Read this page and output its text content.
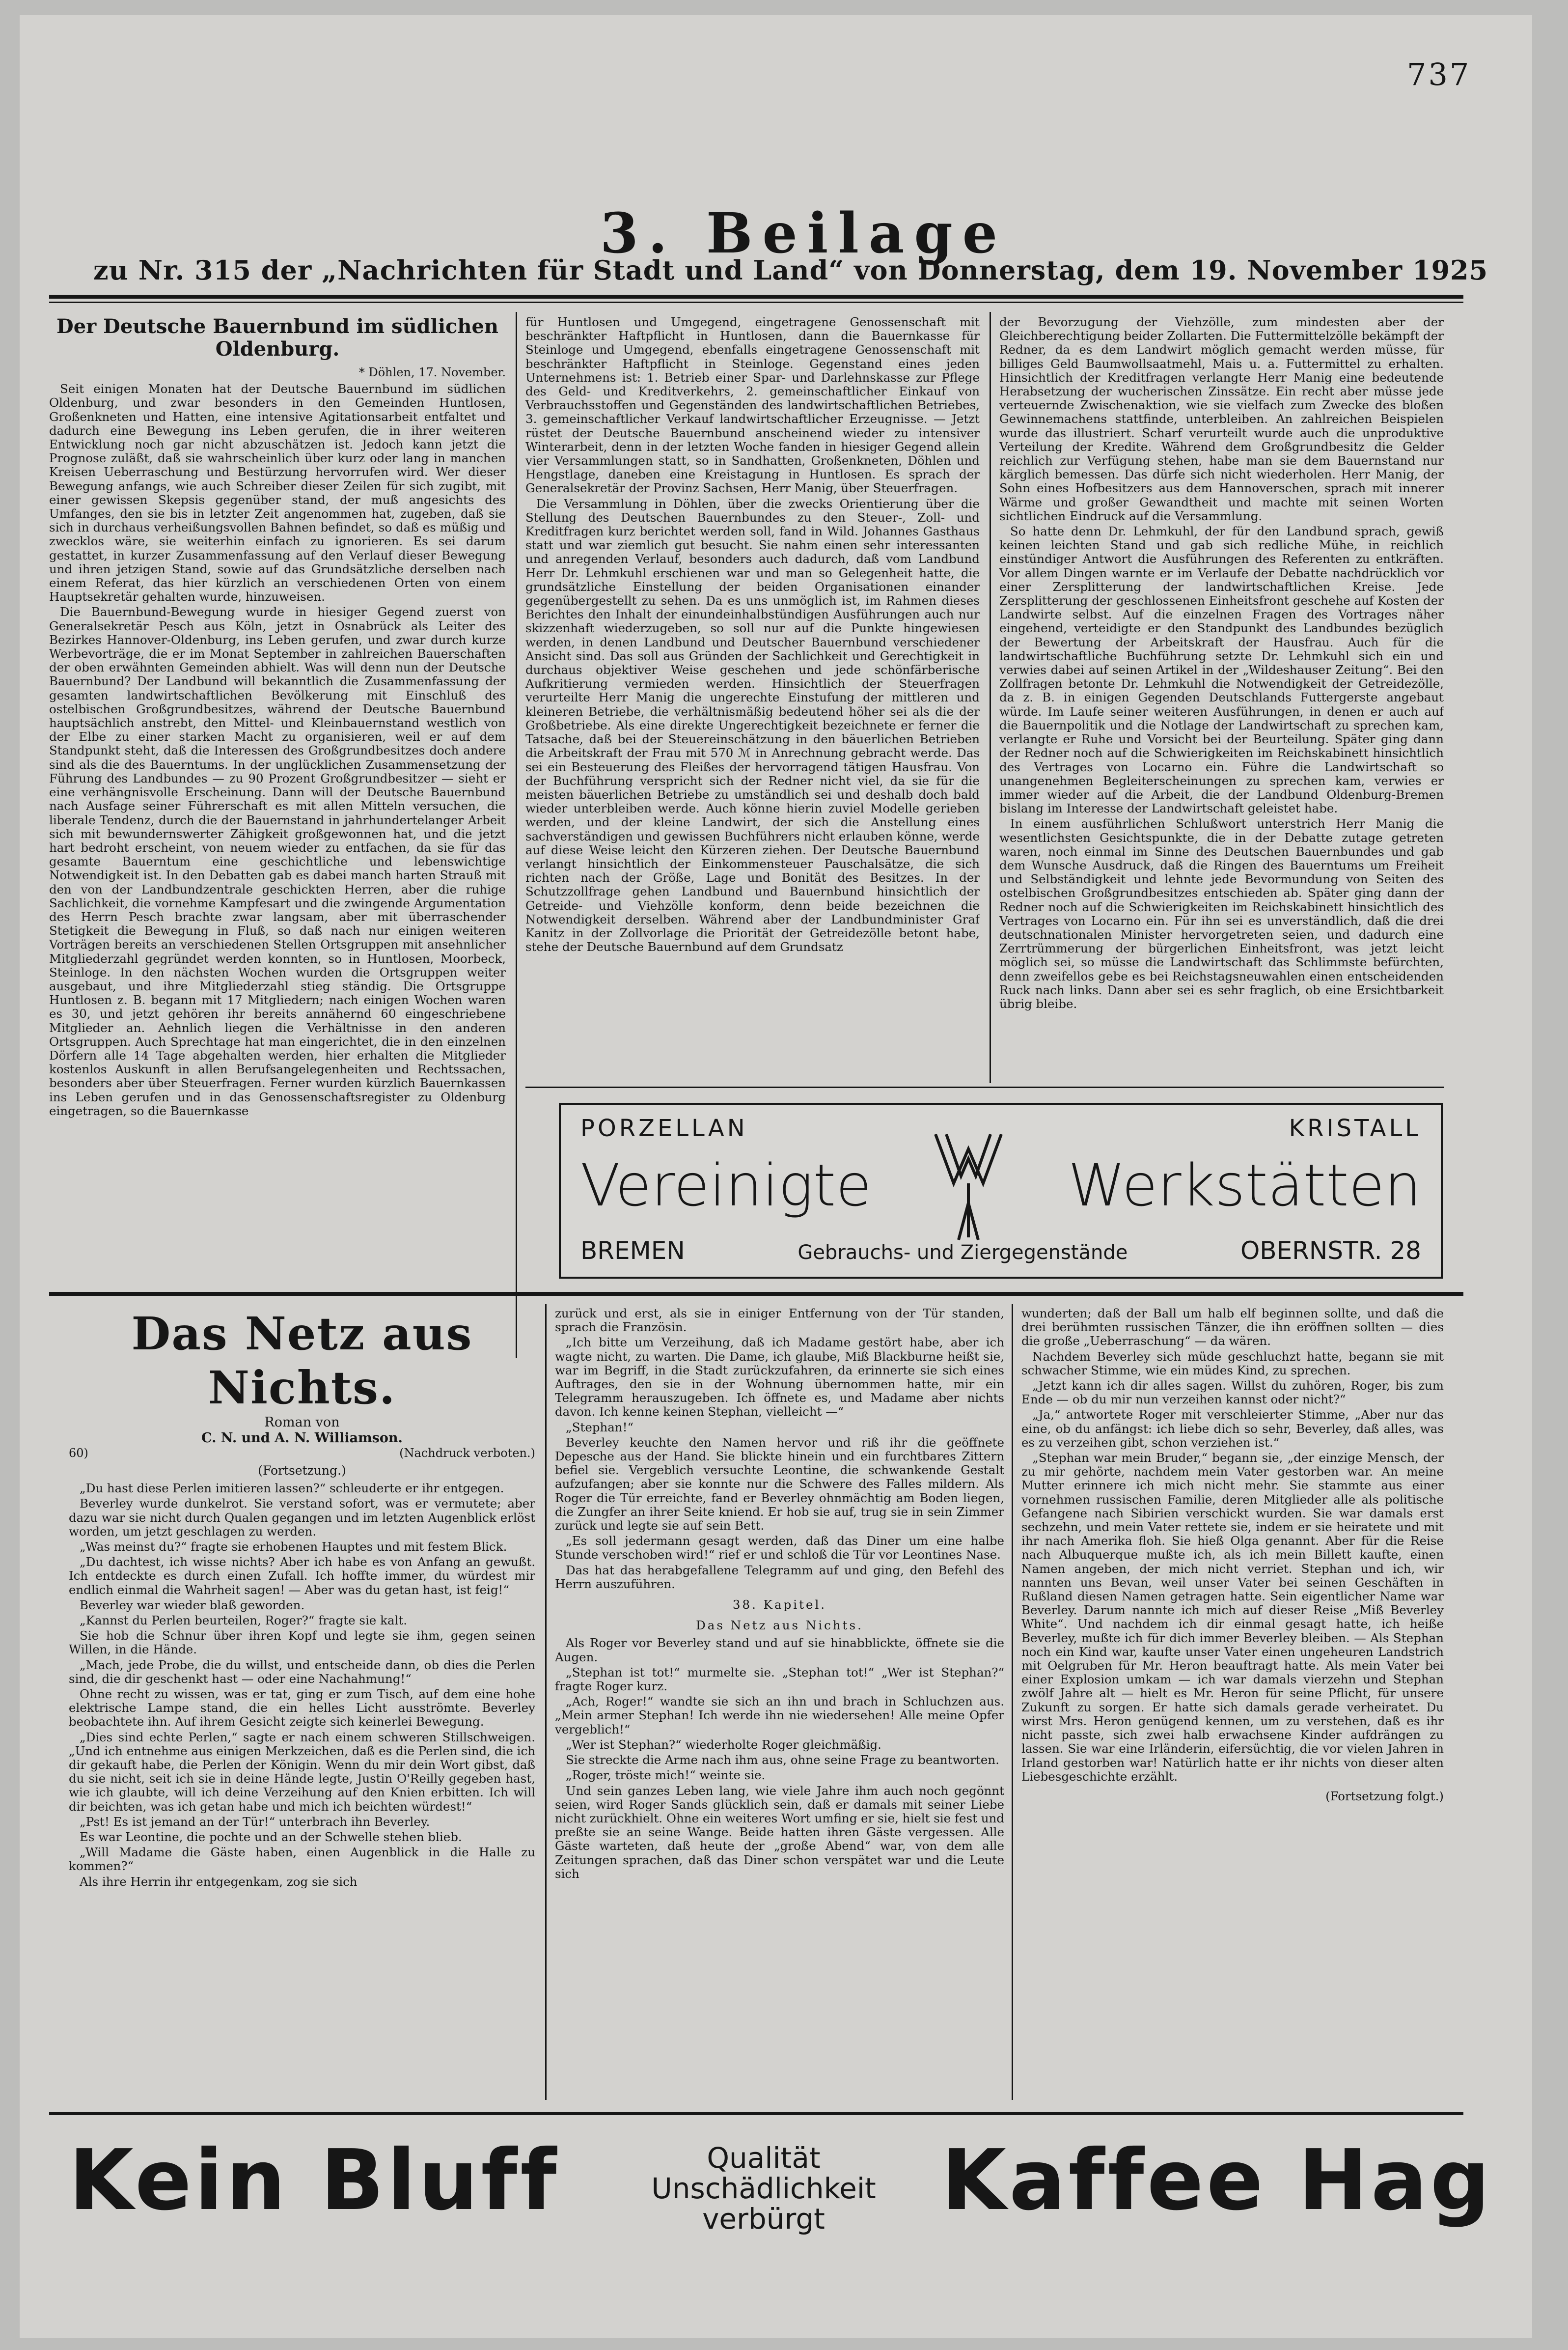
737
3. Beilage
zu Nr. 315 der „Nachrichten für Stadt und Land“ von Donnerstag, dem 19. November 1925
Der Deutsche Bauernbund im südlichen Oldenburg.
* Döhlen, 17. November.

Seit einigen Monaten hat der Deutsche Bauernbund im südlichen Oldenburg, und zwar besonders in den Gemeinden Huntlosen, Großenkneten und Hatten, eine intensive Agitationsarbeit entfaltet und dadurch eine Bewegung ins Leben gerufen, die in ihrer weiteren Entwicklung noch gar nicht abzuschätzen ist. Jedoch kann jetzt die Prognose zuläßt, daß sie wahrscheinlich über kurz oder lang in manchen Kreisen Ueberraschung und Bestürzung hervorrufen wird. Wer dieser Bewegung anfangs, wie auch Schreiber dieser Zeilen für sich zugibt, mit einer gewissen Skepsis gegenüber stand, der muß angesichts des Umfanges, den sie bis in letzter Zeit angenommen hat, zugeben, daß sie sich in durchaus verheißungsvollen Bahnen befindet, so daß es müßig und zwecklos wäre, sie weiterhin einfach zu ignorieren. Es sei darum gestattet, in kurzer Zusammenfassung auf den Verlauf dieser Bewegung und ihren jetzigen Stand, sowie auf das Grundsätzliche derselben nach einem Referat, das hier kürzlich an verschiedenen Orten von einem Hauptsekretär gehalten wurde, hinzuweisen.

Die Bauernbund-Bewegung wurde in hiesiger Gegend zuerst von Generalsekretär Pesch aus Köln, jetzt in Osnabrück als Leiter des Bezirkes Hannover-Oldenburg, ins Leben gerufen, und zwar durch kurze Werbevorträge, die er im Monat September in zahlreichen Bauerschaften der oben erwähnten Gemeinden abhielt. Was will denn nun der Deutsche Bauernbund? Der Landbund will bekanntlich die Zusammenfassung der gesamten landwirtschaftlichen Bevölkerung mit Einschluß des ostelbischen Großgrundbesitzes, während der Deutsche Bauernbund hauptsächlich anstrebt, den Mittel- und Kleinbauernstand westlich von der Elbe zu einer starken Macht zu organisieren, weil er auf dem Standpunkt steht, daß die Interessen des Großgrundbesitzes doch andere sind als die des Bauerntums. In der unglücklichen Zusammensetzung der Führung des Landbundes — zu 90 Prozent Großgrundbesitzer — sieht er eine verhängnisvolle Erscheinung. Dann will der Deutsche Bauernbund nach Ausfage seiner Führerschaft es mit allen Mitteln versuchen, die liberale Tendenz, durch die der Bauernstand in jahrhundertelanger Arbeit sich mit bewundernswerter Zähigkeit großgewonnen hat, und die jetzt hart bedroht erscheint, von neuem wieder zu entfachen, da sie für das gesamte Bauerntum eine geschichtliche und lebenswichtige Notwendigkeit ist. In den Debatten gab es dabei manch harten Strauß mit den von der Landbundzentrale geschickten Herren, aber die ruhige Sachlichkeit, die vornehme Kampfesart und die zwingende Argumentation des Herrn Pesch brachte zwar langsam, aber mit überraschender Stetigkeit die Bewegung in Fluß, so daß nach nur einigen weiteren Vorträgen bereits an verschiedenen Stellen Ortsgruppen mit ansehnlicher Mitgliederzahl gegründet werden konnten, so in Huntlosen, Moorbeck, Steinloge. In den nächsten Wochen wurden die Ortsgruppen weiter ausgebaut, und ihre Mitgliederzahl stieg ständig. Die Ortsgruppe Huntlosen z. B. begann mit 17 Mitgliedern; nach einigen Wochen waren es 30, und jetzt gehören ihr bereits annähernd 60 eingeschriebene Mitglieder an. Aehnlich liegen die Verhältnisse in den anderen Ortsgruppen. Auch Sprechtage hat man eingerichtet, die in den einzelnen Dörfern alle 14 Tage abgehalten werden, hier erhalten die Mitglieder kostenlos Auskunft in allen Berufsangelegenheiten und Rechtssachen, besonders aber über Steuerfragen. Ferner wurden kürzlich Bauernkassen ins Leben gerufen und in das Genossenschaftsregister zu Oldenburg eingetragen, so die Bauernkasse

für Huntlosen und Umgegend, eingetragene Genossenschaft mit beschränkter Haftpflicht in Huntlosen, dann die Bauernkasse für Steinloge und Umgegend, ebenfalls eingetragene Genossenschaft mit beschränkter Haftpflicht in Steinloge. Gegenstand eines jeden Unternehmens ist: 1. Betrieb einer Spar- und Darlehnskasse zur Pflege des Geld- und Kreditverkehrs, 2. gemeinschaftlicher Einkauf von Verbrauchsstoffen und Gegenständen des landwirtschaftlichen Betriebes, 3. gemeinschaftlicher Verkauf landwirtschaftlicher Erzeugnisse. — Jetzt rüstet der Deutsche Bauernbund anscheinend wieder zu intensiver Winterarbeit, denn in der letzten Woche fanden in hiesiger Gegend allein vier Versammlungen statt, so in Sandhatten, Großenkneten, Döhlen und Hengstlage, daneben eine Kreistagung in Huntlosen. Es sprach der Generalsekretär der Provinz Sachsen, Herr Manig, über Steuerfragen.

Die Versammlung in Döhlen, über die zwecks Orientierung über die Stellung des Deutschen Bauernbundes zu den Steuer-, Zoll- und Kreditfragen kurz berichtet werden soll, fand in Wild. Johannes Gasthaus statt und war ziemlich gut besucht. Sie nahm einen sehr interessanten und anregenden Verlauf, besonders auch dadurch, daß vom Landbund Herr Dr. Lehmkuhl erschienen war und man so Gelegenheit hatte, die grundsätzliche Einstellung der beiden Organisationen einander gegenübergestellt zu sehen. Da es uns unmöglich ist, im Rahmen dieses Berichtes den Inhalt der einundeinhalbstündigen Ausführungen auch nur skizzenhaft wiederzugeben, so soll nur auf die Punkte hingewiesen werden, in denen Landbund und Deutscher Bauernbund verschiedener Ansicht sind. Das soll aus Gründen der Sachlichkeit und Gerechtigkeit in durchaus objektiver Weise geschehen und jede schönfärberische Aufkritierung vermieden werden. Hinsichtlich der Steuerfragen verurteilte Herr Manig die ungerechte Einstufung der mittleren und kleineren Betriebe, die verhältnismäßig bedeutend höher sei als die der Großbetriebe. Als eine direkte Ungerechtigkeit bezeichnete er ferner die Tatsache, daß bei der Steuereinschätzung in den bäuerlichen Betrieben die Arbeitskraft der Frau mit 570 ℳ in Anrechnung gebracht werde. Das sei ein Besteuerung des Fleißes der hervorragend tätigen Hausfrau. Von der Buchführung verspricht sich der Redner nicht viel, da sie für die meisten bäuerlichen Betriebe zu umständlich sei und deshalb doch bald wieder unterbleiben werde. Auch könne hierin zuviel Modelle gerieben werden, und der kleine Landwirt, der sich die Anstellung eines sachverständigen und gewissen Buchführers nicht erlauben könne, werde auf diese Weise leicht den Kürzeren ziehen. Der Deutsche Bauernbund verlangt hinsichtlich der Einkommensteuer Pauschalsätze, die sich richten nach der Größe, Lage und Bonität des Besitzes. In der Schutzzollfrage gehen Landbund und Bauernbund hinsichtlich der Getreide- und Viehzölle konform, denn beide bezeichnen die Notwendigkeit derselben. Während aber der Landbundminister Graf Kanitz in der Zollvorlage die Priorität der Getreidezölle betont habe, stehe der Deutsche Bauernbund auf dem Grundsatz

der Bevorzugung der Viehzölle, zum mindesten aber der Gleichberechtigung beider Zollarten. Die Futtermittelzölle bekämpft der Redner, da es dem Landwirt möglich gemacht werden müsse, für billiges Geld Baumwollsaatmehl, Mais u. a. Futtermittel zu erhalten. Hinsichtlich der Kreditfragen verlangte Herr Manig eine bedeutende Herabsetzung der wucherischen Zinssätze. Ein recht aber müsse jede verteuernde Zwischenaktion, wie sie vielfach zum Zwecke des bloßen Gewinnemachens stattfinde, unterbleiben. An zahlreichen Beispielen wurde das illustriert. Scharf verurteilt wurde auch die unproduktive Verteilung der Kredite. Während dem Großgrundbesitz die Gelder reichlich zur Verfügung stehen, habe man sie dem Bauernstand nur kärglich bemessen. Das dürfe sich nicht wiederholen. Herr Manig, der Sohn eines Hofbesitzers aus dem Hannoverschen, sprach mit innerer Wärme und großer Gewandtheit und machte mit seinen Worten sichtlichen Eindruck auf die Versammlung.

So hatte denn Dr. Lehmkuhl, der für den Landbund sprach, gewiß keinen leichten Stand und gab sich redliche Mühe, in reichlich einstündiger Antwort die Ausführungen des Referenten zu entkräften. Vor allem Dingen warnte er im Verlaufe der Debatte nachdrücklich vor einer Zersplitterung der landwirtschaftlichen Kreise. Jede Zersplitterung der geschlossenen Einheitsfront geschehe auf Kosten der Landwirte selbst. Auf die einzelnen Fragen des Vortrages näher eingehend, verteidigte er den Standpunkt des Landbundes bezüglich der Bewertung der Arbeitskraft der Hausfrau. Auch für die landwirtschaftliche Buchführung setzte Dr. Lehmkuhl sich ein und verwies dabei auf seinen Artikel in der „Wildeshauser Zeitung“. Bei den Zollfragen betonte Dr. Lehmkuhl die Notwendigkeit der Getreidezölle, da z. B. in einigen Gegenden Deutschlands Futtergerste angebaut würde. Im Laufe seiner weiteren Ausführungen, in denen er auch auf die Bauernpolitik und die Notlage der Landwirtschaft zu sprechen kam, verlangte er Ruhe und Vorsicht bei der Beurteilung. Später ging dann der Redner noch auf die Schwierigkeiten im Reichskabinett hinsichtlich des Vertrages von Locarno ein. Führe die Landwirtschaft so unangenehmen Begleiterscheinungen zu sprechen kam, verwies er immer wieder auf die Arbeit, die der Landbund Oldenburg-Bremen bislang im Interesse der Landwirtschaft geleistet habe.

In einem ausführlichen Schlußwort unterstrich Herr Manig die wesentlichsten Gesichtspunkte, die in der Debatte zutage getreten waren, noch einmal im Sinne des Deutschen Bauernbundes und gab dem Wunsche Ausdruck, daß die Ringen des Bauerntums um Freiheit und Selbständigkeit und lehnte jede Bevormundung von Seiten des ostelbischen Großgrundbesitzes entschieden ab. Später ging dann der Redner noch auf die Schwierigkeiten im Reichskabinett hinsichtlich des Vertrages von Locarno ein. Für ihn sei es unverständlich, daß die drei deutschnationalen Minister hervorgetreten seien, und dadurch eine Zerrtrümmerung der bürgerlichen Einheitsfront, was jetzt leicht möglich sei, so müsse die Landwirtschaft das Schlimmste befürchten, denn zweifellos gebe es bei Reichstagsneuwahlen einen entscheidenden Ruck nach links. Dann aber sei es sehr fraglich, ob eine Ersichtbarkeit übrig bleibe.

PORZELLAN	KRISTALL
Vereinigte	Werkstätten
BREMEN	Gebrauchs- und Ziergegenstände	OBERNSTR. 28
Das Netz aus Nichts.
Roman von
C. N. und A. N. Williamson.
60)	(Nachdruck verboten.)
(Fortsetzung.)

„Du hast diese Perlen imitieren lassen?“ schleuderte er ihr entgegen.

Beverley wurde dunkelrot. Sie verstand sofort, was er vermutete; aber dazu war sie nicht durch Qualen gegangen und im letzten Augenblick erlöst worden, um jetzt geschlagen zu werden.

„Was meinst du?“ fragte sie erhobenen Hauptes und mit festem Blick.

„Du dachtest, ich wisse nichts? Aber ich habe es von Anfang an gewußt. Ich entdeckte es durch einen Zufall. Ich hoffte immer, du würdest mir endlich einmal die Wahrheit sagen! — Aber was du getan hast, ist feig!“

Beverley war wieder blaß geworden.

„Kannst du Perlen beurteilen, Roger?“ fragte sie kalt.

Sie hob die Schnur über ihren Kopf und legte sie ihm, gegen seinen Willen, in die Hände.

„Mach, jede Probe, die du willst, und entscheide dann, ob dies die Perlen sind, die dir geschenkt hast — oder eine Nachahmung!“

Ohne recht zu wissen, was er tat, ging er zum Tisch, auf dem eine hohe elektrische Lampe stand, die ein helles Licht ausströmte. Beverley beobachtete ihn. Auf ihrem Gesicht zeigte sich keinerlei Bewegung.

„Dies sind echte Perlen,“ sagte er nach einem schweren Stillschweigen. „Und ich entnehme aus einigen Merkzeichen, daß es die Perlen sind, die ich dir gekauft habe, die Perlen der Königin. Wenn du mir dein Wort gibst, daß du sie nicht, seit ich sie in deine Hände legte, Justin O'Reilly gegeben hast, wie ich glaubte, will ich deine Verzeihung auf den Knien erbitten. Ich will dir beichten, was ich getan habe und mich ich beichten würdest!“

„Pst! Es ist jemand an der Tür!“ unterbrach ihn Beverley.

Es war Leontine, die pochte und an der Schwelle stehen blieb.

„Will Madame die Gäste haben, einen Augenblick in die Halle zu kommen?“

Als ihre Herrin ihr entgegenkam, zog sie sich

zurück und erst, als sie in einiger Entfernung von der Tür standen, sprach die Französin.

„Ich bitte um Verzeihung, daß ich Madame gestört habe, aber ich wagte nicht, zu warten. Die Dame, ich glaube, Miß Blackburne heißt sie, war im Begriff, in die Stadt zurückzufahren, da erinnerte sie sich eines Auftrages, den sie in der Wohnung übernommen hatte, mir ein Telegramm herauszugeben. Ich öffnete es, und Madame aber nichts davon. Ich kenne keinen Stephan, vielleicht —“

„Stephan!“

Beverley keuchte den Namen hervor und riß ihr die geöffnete Depesche aus der Hand. Sie blickte hinein und ein furchtbares Zittern befiel sie. Vergeblich versuchte Leontine, die schwankende Gestalt aufzufangen; aber sie konnte nur die Schwere des Falles mildern. Als Roger die Tür erreichte, fand er Beverley ohnmächtig am Boden liegen, die Zungfer an ihrer Seite kniend. Er hob sie auf, trug sie in sein Zimmer zurück und legte sie auf sein Bett.

„Es soll jedermann gesagt werden, daß das Diner um eine halbe Stunde verschoben wird!“ rief er und schloß die Tür vor Leontines Nase.

Das hat das herabgefallene Telegramm auf und ging, den Befehl des Herrn auszuführen.

38. Kapitel.

Das Netz aus Nichts.

Als Roger vor Beverley stand und auf sie hinabblickte, öffnete sie die Augen.

„Stephan ist tot!“ murmelte sie. „Stephan tot!“ „Wer ist Stephan?“ fragte Roger kurz.

„Ach, Roger!“ wandte sie sich an ihn und brach in Schluchzen aus. „Mein armer Stephan! Ich werde ihn nie wiedersehen! Alle meine Opfer vergeblich!“

„Wer ist Stephan?“ wiederholte Roger gleichmäßig.

Sie streckte die Arme nach ihm aus, ohne seine Frage zu beantworten.

„Roger, tröste mich!“ weinte sie.

Und sein ganzes Leben lang, wie viele Jahre ihm auch noch gegönnt seien, wird Roger Sands glücklich sein, daß er damals mit seiner Liebe nicht zurückhielt. Ohne ein weiteres Wort umfing er sie, hielt sie fest und preßte sie an seine Wange. Beide hatten ihren Gäste vergessen. Alle Gäste warteten, daß heute der „große Abend“ war, von dem alle Zeitungen sprachen, daß das Diner schon verspätet war und die Leute sich

wunderten; daß der Ball um halb elf beginnen sollte, und daß die drei berühmten russischen Tänzer, die ihn eröffnen sollten — dies die große „Ueberraschung“ — da wären.

Nachdem Beverley sich müde geschluchzt hatte, begann sie mit schwacher Stimme, wie ein müdes Kind, zu sprechen.

„Jetzt kann ich dir alles sagen. Willst du zuhören, Roger, bis zum Ende — ob du mir nun verzeihen kannst oder nicht?“

„Ja,“ antwortete Roger mit verschleierter Stimme, „Aber nur das eine, ob du anfängst: ich liebe dich so sehr, Beverley, daß alles, was es zu verzeihen gibt, schon verziehen ist.“

„Stephan war mein Bruder,“ begann sie, „der einzige Mensch, der zu mir gehörte, nachdem mein Vater gestorben war. An meine Mutter erinnere ich mich nicht mehr. Sie stammte aus einer vornehmen russischen Familie, deren Mitglieder alle als politische Gefangene nach Sibirien verschickt wurden. Sie war damals erst sechzehn, und mein Vater rettete sie, indem er sie heiratete und mit ihr nach Amerika floh. Sie hieß Olga genannt. Aber für die Reise nach Albuquerque mußte ich, als ich mein Billett kaufte, einen Namen angeben, der mich nicht verriet. Stephan und ich, wir nannten uns Bevan, weil unser Vater bei seinen Geschäften in Rußland diesen Namen getragen hatte. Sein eigentlicher Name war Beverley. Darum nannte ich mich auf dieser Reise „Miß Beverley White“. Und nachdem ich dir einmal gesagt hatte, ich heiße Beverley, mußte ich für dich immer Beverley bleiben. — Als Stephan noch ein Kind war, kaufte unser Vater einen ungeheuren Landstrich mit Oelgruben für Mr. Heron beauftragt hatte. Als mein Vater bei einer Explosion umkam — ich war damals vierzehn und Stephan zwölf Jahre alt — hielt es Mr. Heron für seine Pflicht, für unsere Zukunft zu sorgen. Er hatte sich damals gerade verheiratet. Du wirst Mrs. Heron genügend kennen, um zu verstehen, daß es ihr nicht passte, sich zwei halb erwachsene Kinder aufdrängen zu lassen. Sie war eine Irländerin, eifersüchtig, die vor vielen Jahren in Irland gestorben war! Natürlich hatte er ihr nichts von dieser alten Liebesgeschichte erzählt.

(Fortsetzung folgt.)

Kein Bluff	Qualität
Unschädlichkeit
verbürgt	Kaffee Hag
